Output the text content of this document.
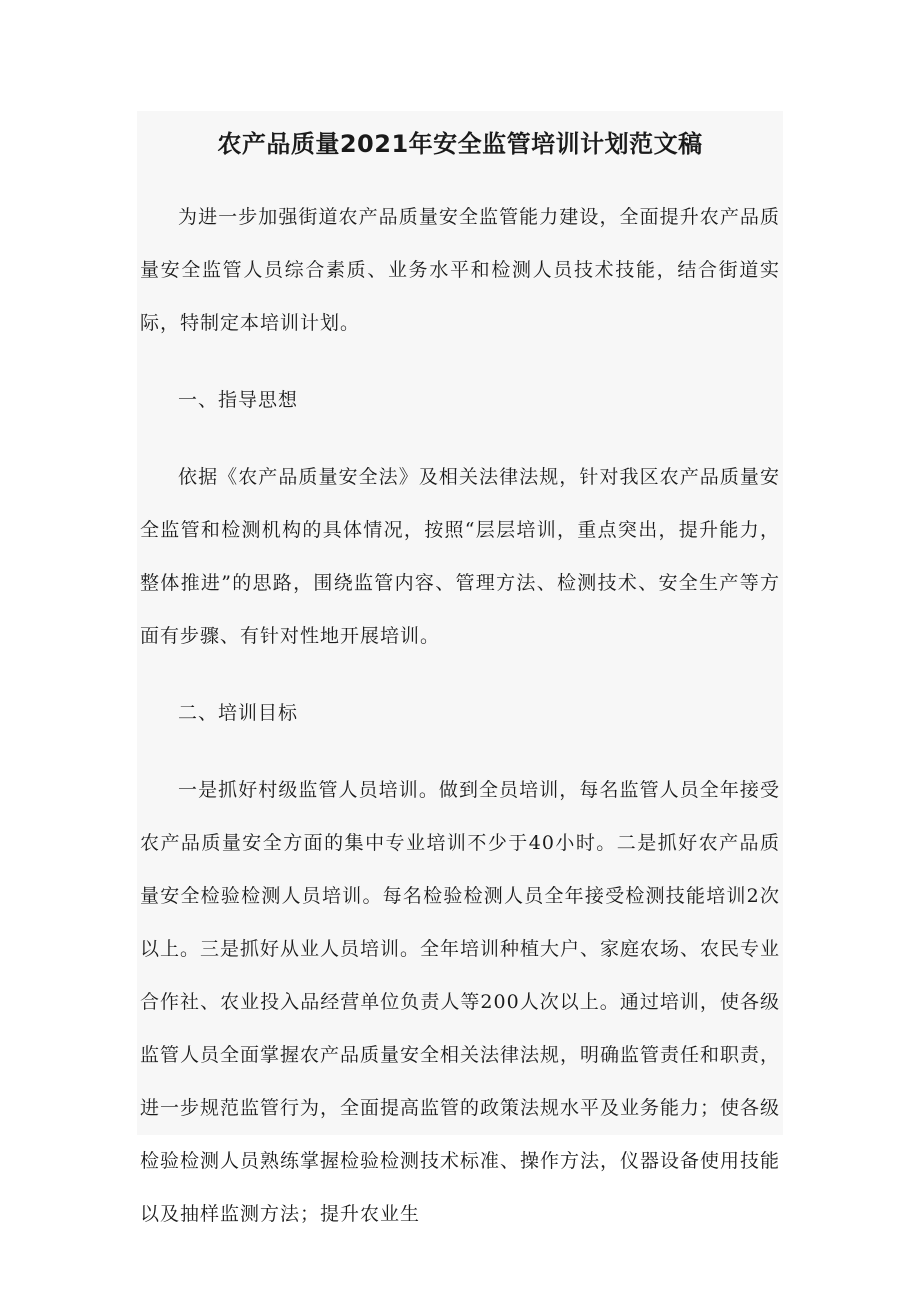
农产品质量2021年安全监管培训计划范文稿

为进一步加强街道农产品质量安全监管能力建设，全面提升农产品质量安全监管人员综合素质、业务水平和检测人员技术技能，结合街道实际，特制定本培训计划。

一、指导思想

依据《农产品质量安全法》及相关法律法规，针对我区农产品质量安全监管和检测机构的具体情况，按照“层层培训，重点突出，提升能力，整体推进”的思路，围绕监管内容、管理方法、检测技术、安全生产等方面有步骤、有针对性地开展培训。

二、培训目标

一是抓好村级监管人员培训。做到全员培训，每名监管人员全年接受农产品质量安全方面的集中专业培训不少于40小时。二是抓好农产品质量安全检验检测人员培训。每名检验检测人员全年接受检测技能培训2次以上。三是抓好从业人员培训。全年培训种植大户、家庭农场、农民专业合作社、农业投入品经营单位负责人等200人次以上。通过培训，使各级监管人员全面掌握农产品质量安全相关法律法规，明确监管责任和职责，进一步规范监管行为，全面提高监管的政策法规水平及业务能力；使各级检验检测人员熟练掌握检验检测技术标准、操作方法，仪器设备使用技能以及抽样监测方法；提升农业生
